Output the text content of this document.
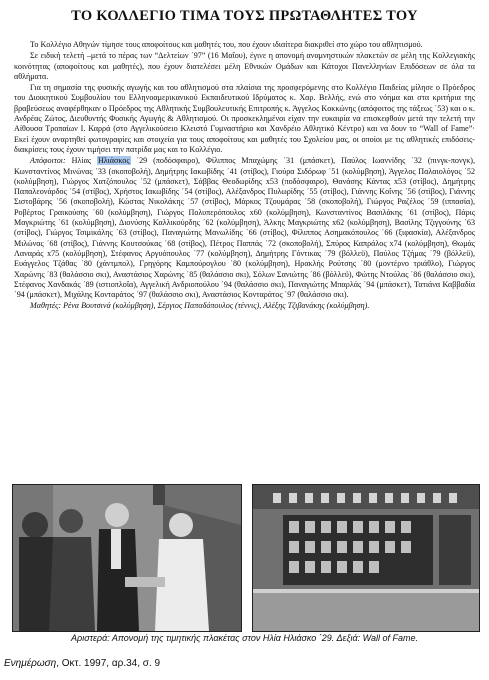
ΤΟ ΚΟΛΛΕΓΙΟ ΤΙΜΑ ΤΟΥΣ ΠΡΩΤΑΘΛΗΤΕΣ ΤΟΥ

Το Κολλέγιο Αθηνών τίμησε τους αποφοίτους και μαθητές του, που έχουν ιδιαίτερα διακριθεί στο χώρο του αθλητισμού.

Σε ειδική τελετή –μετά το πέρας των “Δελτείων ΄97” (16 Μαΐου), έγινε η απονομή αναμνηστικών πλακετών σε μέλη της Κολλεγιακής κοινότητας (αποφοίτους και μαθητές), που έχουν διατελέσει μέλη Εθνικών Ομάδων και Κάτοχοι Πανελληνίων Επιδόσεων σε όλα τα αθλήματα.

Για τη σημασία της φυσικής αγωγής και του αθλητισμού στα πλαίσια της προσφερόμενης στο Κολλέγιο Παιδείας μίλησε ο Πρόεδρος του Διοικητικού Συμβουλίου του Ελληνοαμερικανικού Εκπαιδευτικού Ιδρύματος κ. Χαρ. Βελλής, ενώ στο νόημα και στα κριτήρια της βραβεύσεως αναφέρθηκαν ο Πρόεδρος της Αθλητικής Συμβουλευτικής Επιτροπής κ. Άγγελος Κοκκώνης (απόφοιτος της τάξεως ΄53) και ο κ. Ανδρέας Ζώτος, Διευθυντής Φυσικής Αγωγής & Αθλητισμού. Οι προσκεκλημένοι είχαν την ευκαιρία να επισκεφθούν μετά την τελετή την Αίθουσα Τροπαίων Ι. Καρρά (στο Αγγελικούσειο Κλειστό Γυμναστήριο και Χανδρέιο Αθλητικό Κέντρο) και να δουν το “Wall of Fame”· Εκεί έχουν αναρτηθεί φωτογραφίες και στοιχεία για τους αποφοίτους και μαθητές του Σχολείου μας, οι οποίοι με τις αθλητικές επιδόσεις-διακρίσεις τους έχουν τιμήσει την πατρίδα μας και το Κολλέγιο.

Απόφοιτοι: Ηλίας Ηλιάσκος ΄29 (ποδόσφαιρο), Φίλιππος Μπαχώμης ΄31 (μπάσκετ), Παύλος Ιωαννίδης ΄32 (πινγκ-πονγκ), Κωνσταντίνος Μινώνας ΄33 (σκοποβολή), Δημήτρης Ιακωβίδης ΄41 (στίβος), Γιούρα Σιδόρωφ ΄51 (κολύμβηση), Άγγελος Παλαιολόγος ΄52 (κολύμβηση), Γιώργος Χατζόπουλος ΄52 (μπάσκετ), Σάββας Θεοδωρίδης x53 (ποδόσφαιρο), Θανάσης Κάντας x53 (στίβος), Δημήτρης Παπαλεονάρδος ΄54 (στίβος), Χρήστος Ιακωβίδης ΄54 (στίβος), Αλέξανδρος Πυλωρίδης ΄55 (στίβος), Γιάννης Κοΐνης ΄56 (στίβος), Γιάννης Σιστοβάρης ΄56 (σκοποβολή), Κώστας Νικολάκης ΄57 (στίβος), Μάρκος Τζουμάρας ΄58 (σκοποβολή), Γιώργος Ραζέλος ΄59 (ιππασία), Ροβέρτος Γραικούσης ΄60 (κολύμβηση), Γιώργος Πολυπερόπουλος x60 (κολύμβηση), Κωνσταντίνος Βασιλάκης ΄61 (στίβος), Πάρις Μαγκριώτης ΄61 (κολύμβηση), Διονύσης Καλλικούρδης ΄62 (κολύμβηση), Άλκης Μαγκριώτης x62 (κολύμβηση), Βασίλης Τζιγγούνης ΄63 (στίβος), Γιώργος Τσιμικάλης ΄63 (στίβος), Παναγιώτης Μανωλίδης ΄66 (στίβος), Φίλιππος Ασημακόπουλος ΄66 (ξιφασκία), Αλέξανδρος Μιλώνας ΄68 (στίβος), Γιάννης Κουτσούκας ΄68 (στίβος), Πέτρος Παππάς ΄72 (σκοποβολή), Σπύρος Καπράλος x74 (κολύμβηση), Θωμάς Λαναράς x75 (κολύμβηση), Στέφανος Αργυόπουλος ΄77 (κολύμβηση), Δημήτρης Γόντικας ΄79 (βόλλεϋ), Παύλος Τζήμας ΄79 (βόλλεϋ), Ευάγγελος Τζάθας ΄80 (χάντμπολ), Γρηγόρης Καμπούρογλου ΄80 (κολύμβηση), Ηρακλής Ρούτσης ΄80 (μοντέρνο τριάθλο), Γιώργος Χαρώνης ΄83 (θαλάσσιο σκι), Αναστάσιος Χαρώνης ΄85 (θαλάσσιο σκι), Σόλων Σανιώτης ΄86 (βόλλεϋ), Φώτης Ντούλας ΄86 (θαλάσσιο σκι), Στέφανος Χανδακάς ΄89 (ιστιοπλοΐα), Αγγελική Ανδριοπούλου ΄94 (θαλάσσιο σκι), Παναγιώτης Μπαρλάς ΄94 (μπάσκετ), Τατιάνα Καββαδία ΄94 (μπάσκετ), Μιχάλης Κονταράτος ΄97 (θαλάσσιο σκι), Αναστάσιος Κονταράτος ΄97 (θαλάσσιο σκι).

Μαθητές: Ρένα Βουτσινά (κολύμβηση), Σέργιος Παπαδόπουλος (τέννις), Αλέξης Τζιβανάκης (κολύμβηση).

Αριστερά: Απονομή της τιμητικής πλακέτας στον Ηλία Ηλιάσκο ΄29. Δεξιά: Wall of Fame.
Ενημέρωση, Οκτ. 1997, αρ.34, σ. 9
